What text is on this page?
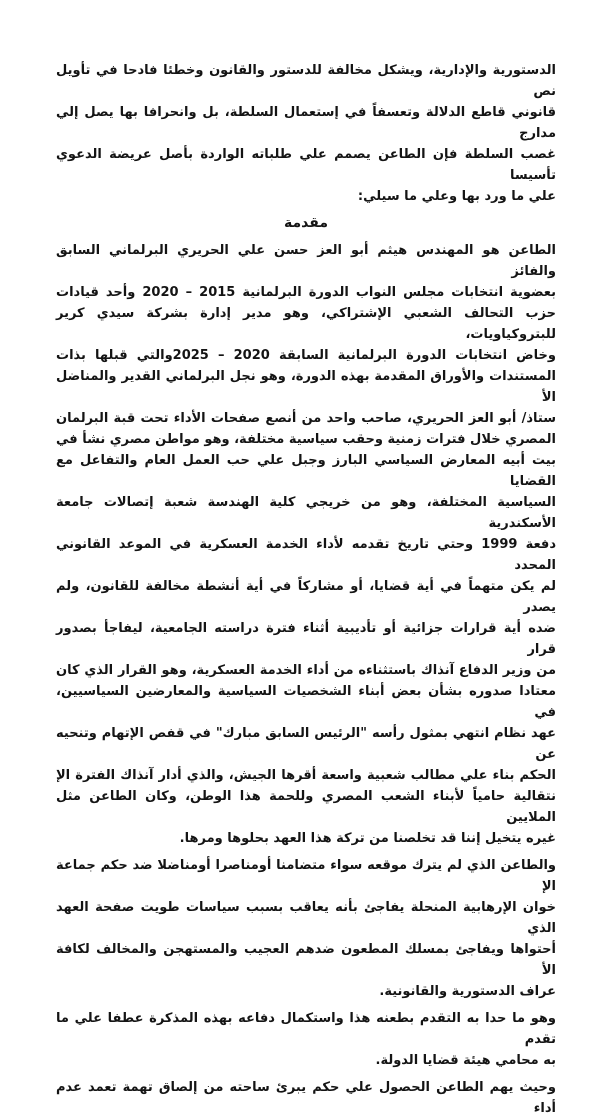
الدستورية والإدارية، ويشكل مخالفة للدستور والقانون وخطئا فادحا في تأويل نص
قانوني قاطع الدلالة وتعسفاً في إستعمال السلطة، بل وانحرافا بها يصل إلي مدارج
غصب السلطة فإن الطاعن يصمم علي طلباته الواردة بأصل عريضة الدعوي تأسيسا
علي ما ورد بها وعلي ما سيلي:
مقدمة
الطاعن هو المهندس هيثم أبو العز حسن علي الحريري البرلماني السابق والفائز
بعضوية انتخابات مجلس النواب الدورة البرلمانية 2015 – 2020 وأحد قيادات
حزب التحالف الشعبي الإشتراكي، وهو مدير إدارة بشركة سيدي كرير للبتروكياويات،
وخاض انتخابات الدورة البرلمانية السابقة 2020 – 2025والتي قبلها بذات
المستندات والأوراق المقدمة بهذه الدورة، وهو نجل البرلماني القدير والمناضل الأ
ستاذ/ أبو العز الحريري، صاحب واحد من أنصع صفحات الأداء تحت قبة البرلمان
المصري خلال فترات زمنية وحقب سياسية مختلفة، وهو مواطن مصري نشأ في
بيت أبيه المعارض السياسي البارز وجبل علي حب العمل العام والتفاعل مع القضايا
السياسية المختلفة، وهو من خريجي كلية الهندسة شعبة إتصالات جامعة الأسكندرية
دفعة 1999 وحتي تاريخ تقدمه لأداء الخدمة العسكرية في الموعد القانوني المحدد
لم يكن متهماً في أية قضايا، أو مشاركاً في أية أنشطة مخالفة للقانون، ولم يصدر
ضده أية قرارات جزائية أو تأديبية أثناء فترة دراسته الجامعية، ليفاجأ بصدور قرار
من وزير الدفاع آنذاك باستثناءه من أداء الخدمة العسكرية، وهو القرار الذي كان
معتادا صدوره بشأن بعض أبناء الشخصيات السياسية والمعارضين السياسيين، في
عهد نظام انتهي بمثول رأسه "الرئيس السابق مبارك" في قفص الإتهام وتنحيه عن
الحكم بناء علي مطالب شعبية واسعة أقرها الجيش، والذي أدار آنذاك الفترة الإ
نتقالية حامياً لأبناء الشعب المصري وللحمة هذا الوطن، وكان الطاعن مثل الملايين
غيره يتخيل إننا قد تخلصنا من تركة هذا العهد بحلوها ومرها.
والطاعن الذي لم يترك موقعه سواء متضامنا أومناصرا أومناضلا ضد حكم جماعة الإ
خوان الإرهابية المنحلة يفاجئ بأنه يعاقب بسبب سياسات طويت صفحة العهد الذي
أحتواها ويفاجئ بمسلك المطعون ضدهم العجيب والمستهجن والمخالف لكافة الأ
عراف الدستورية والقانونية.
وهو ما حدا به التقدم بطعنه هذا واستكمال دفاعه بهذه المذكرة عطفا علي ما تقدم
به محامي هيئة قضايا الدولة.
وحيث يهم الطاعن الحصول علي حكم يبرئ ساحته من إلصاق تهمة تعمد عدم أداء
